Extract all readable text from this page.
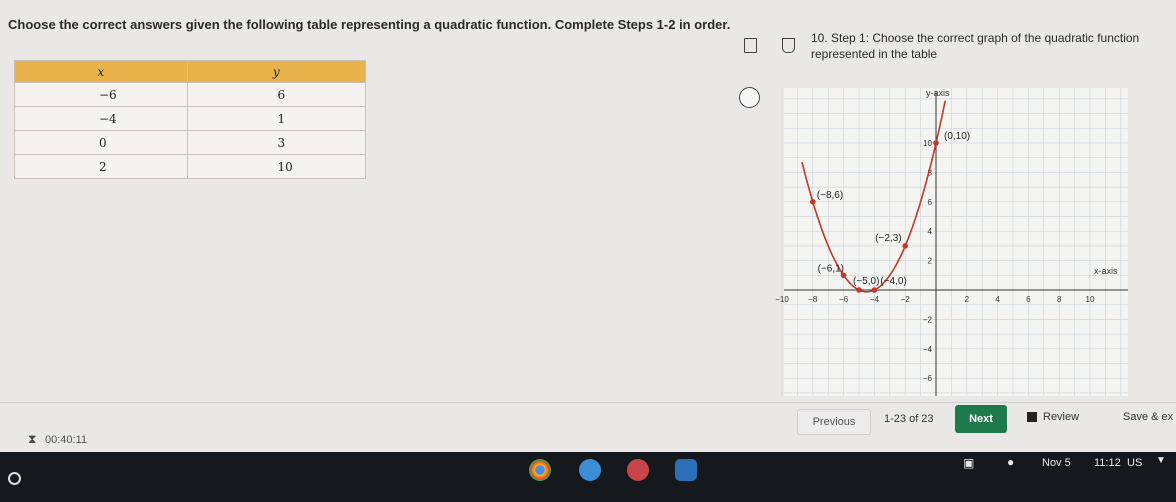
Choose the correct answers given the following table representing a quadratic function. Complete Steps 1-2 in order.
x	y
−6	6
−4	1
0	3
2	10
10. Step 1: Choose the correct graph of the quadratic function represented in the table
−10 −8	−6	−4	−2	2	4	6	8	10
10
8
6
4
2
−2
−4
−6
(0,10)
(−8,6)
(−2,3)
(−6,1)
(−5,0) (−4,0)
y-axis
x-axis
Previous	1-23 of 23	Next	Review	Save & ex
⧗ 00:40:11
▣	●	Nov 5 11:12 US ▼
